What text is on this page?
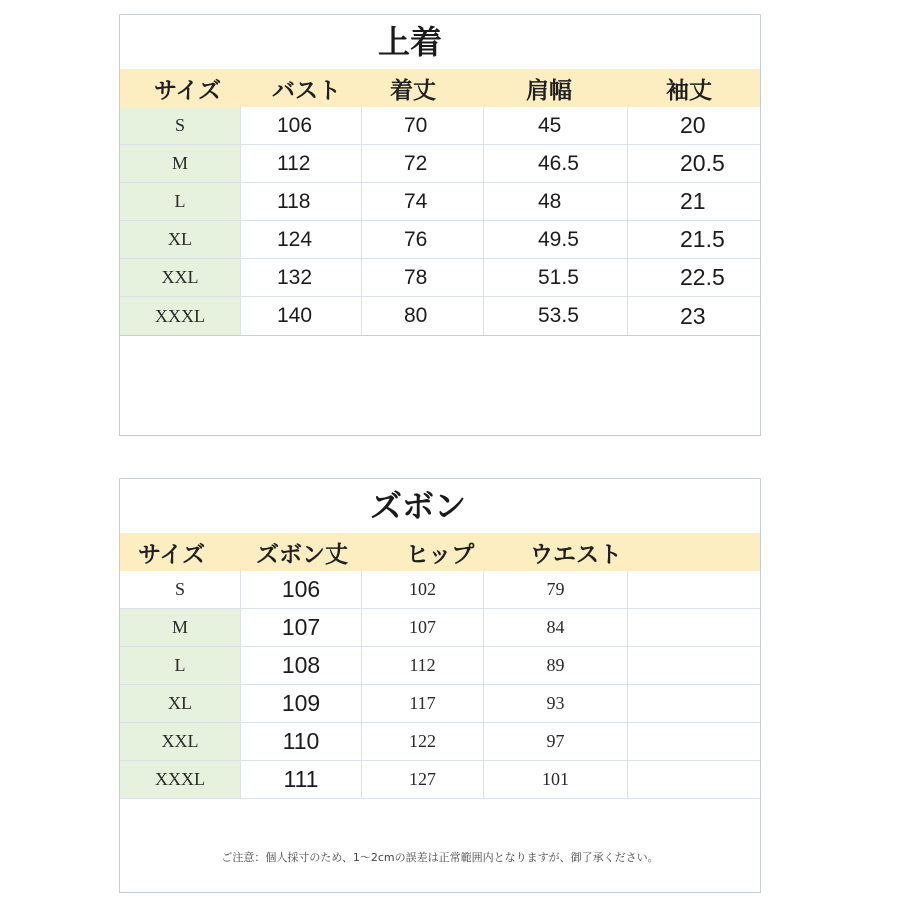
上着
サイズ	バスト	着丈	肩幅	袖丈
S	106	70	45	20
M	112	72	46.5	20.5
L	118	74	48	21
XL	124	76	49.5	21.5
XXL	132	78	51.5	22.5
XXXL	140	80	53.5	23
ズボン
サイズ	ズボン丈	ヒップ	ウエスト
S	106	102	79
M	107	107	84
L	108	112	89
XL	109	117	93
XXL	110	122	97
XXXL	111	127	101
ご注意：個人採寸のため、1〜2cmの誤差は正常範囲内となりますが、御了承ください。
